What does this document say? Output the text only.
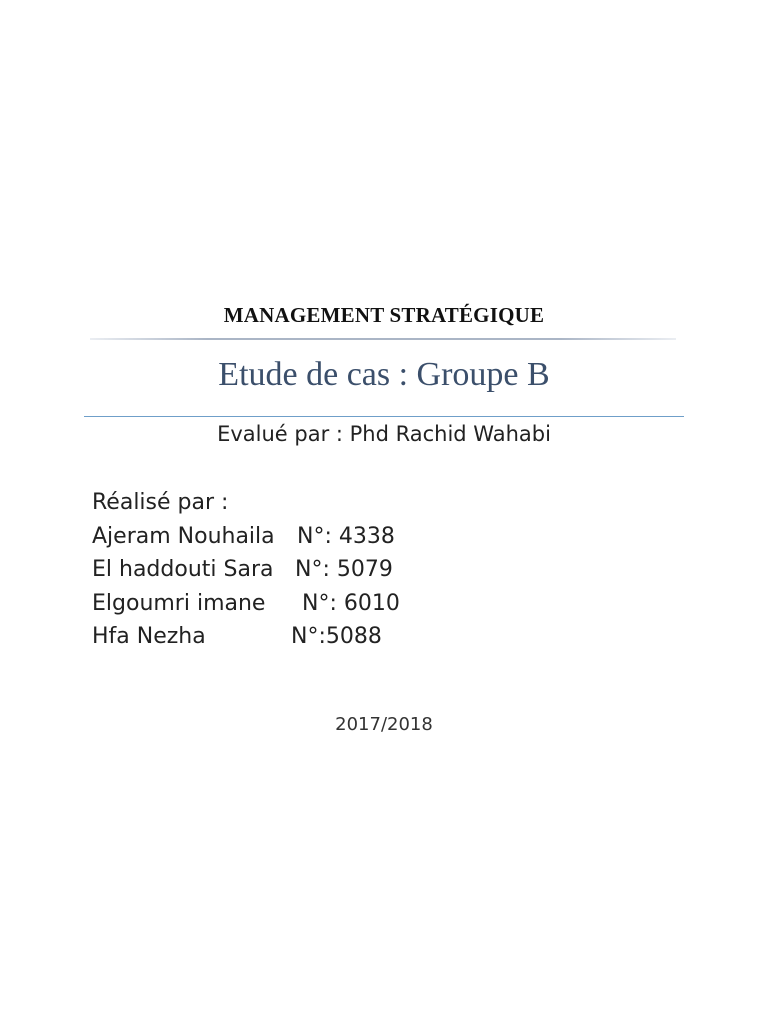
MANAGEMENT STRATÉGIQUE
Etude de cas : Groupe B
Evalué par : Phd Rachid Wahabi
Réalisé par :
Ajeram Nouhaila N°: 4338
El haddouti Sara N°: 5079
Elgoumri imane N°: 6010
Hfa Nezha	N°:5088
2017/2018
